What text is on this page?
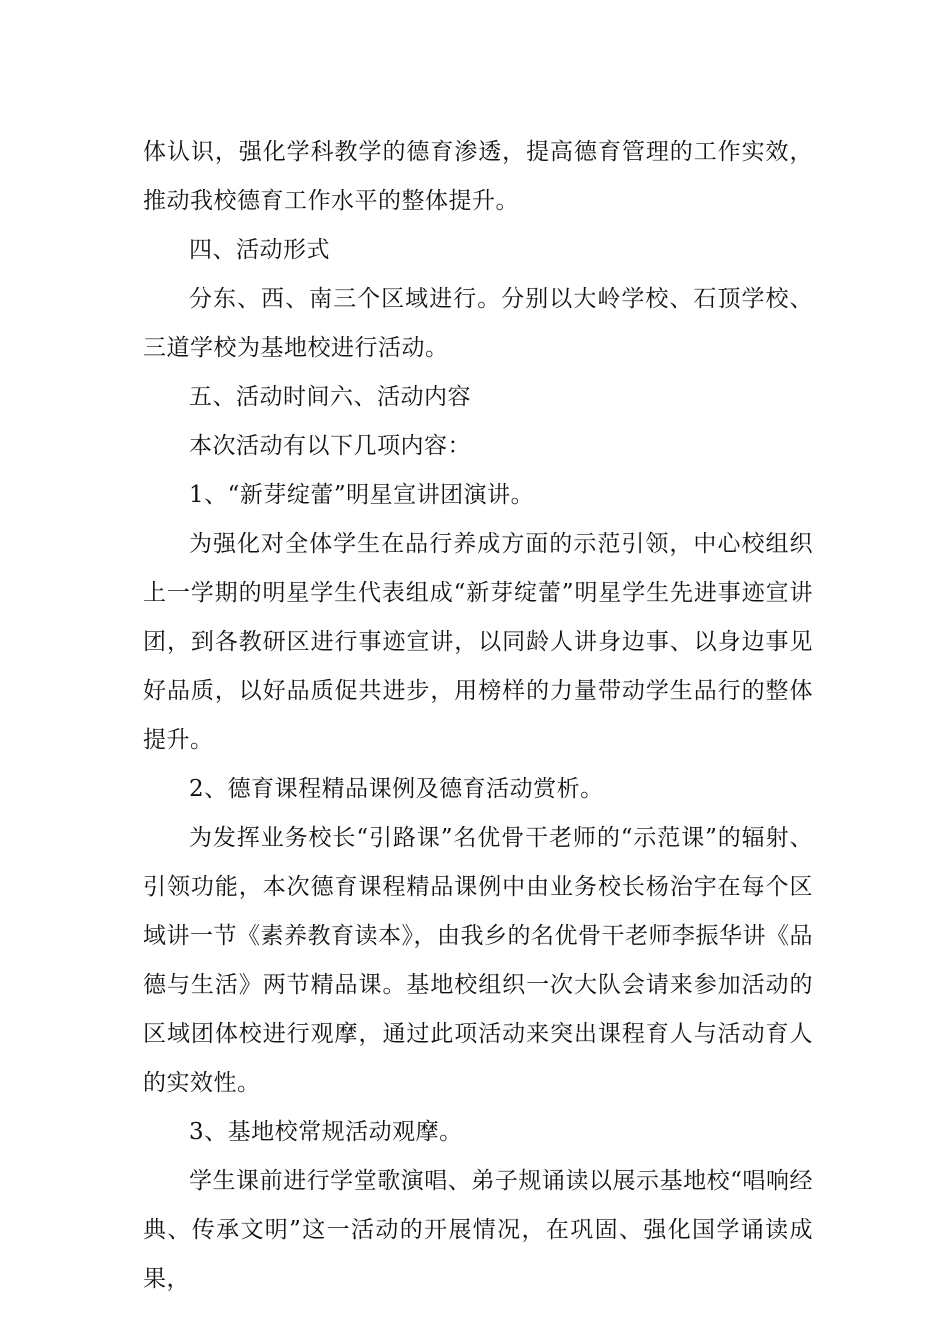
体认识，强化学科教学的德育渗透，提高德育管理的工作实效，推动我校德育工作水平的整体提升。

四、活动形式

分东、西、南三个区域进行。分别以大岭学校、石顶学校、三道学校为基地校进行活动。

五、活动时间六、活动内容

本次活动有以下几项内容：

1、“新芽绽蕾”明星宣讲团演讲。

为强化对全体学生在品行养成方面的示范引领，中心校组织上一学期的明星学生代表组成“新芽绽蕾”明星学生先进事迹宣讲团，到各教研区进行事迹宣讲，以同龄人讲身边事、以身边事见好品质，以好品质促共进步，用榜样的力量带动学生品行的整体提升。

2、德育课程精品课例及德育活动赏析。

为发挥业务校长“引路课”名优骨干老师的“示范课”的辐射、引领功能，本次德育课程精品课例中由业务校长杨治宇在每个区域讲一节《素养教育读本》，由我乡的名优骨干老师李振华讲《品德与生活》两节精品课。基地校组织一次大队会请来参加活动的区域团体校进行观摩，通过此项活动来突出课程育人与活动育人的实效性。

3、基地校常规活动观摩。

学生课前进行学堂歌演唱、弟子规诵读以展示基地校“唱响经典、传承文明”这一活动的开展情况，在巩固、强化国学诵读成果，
